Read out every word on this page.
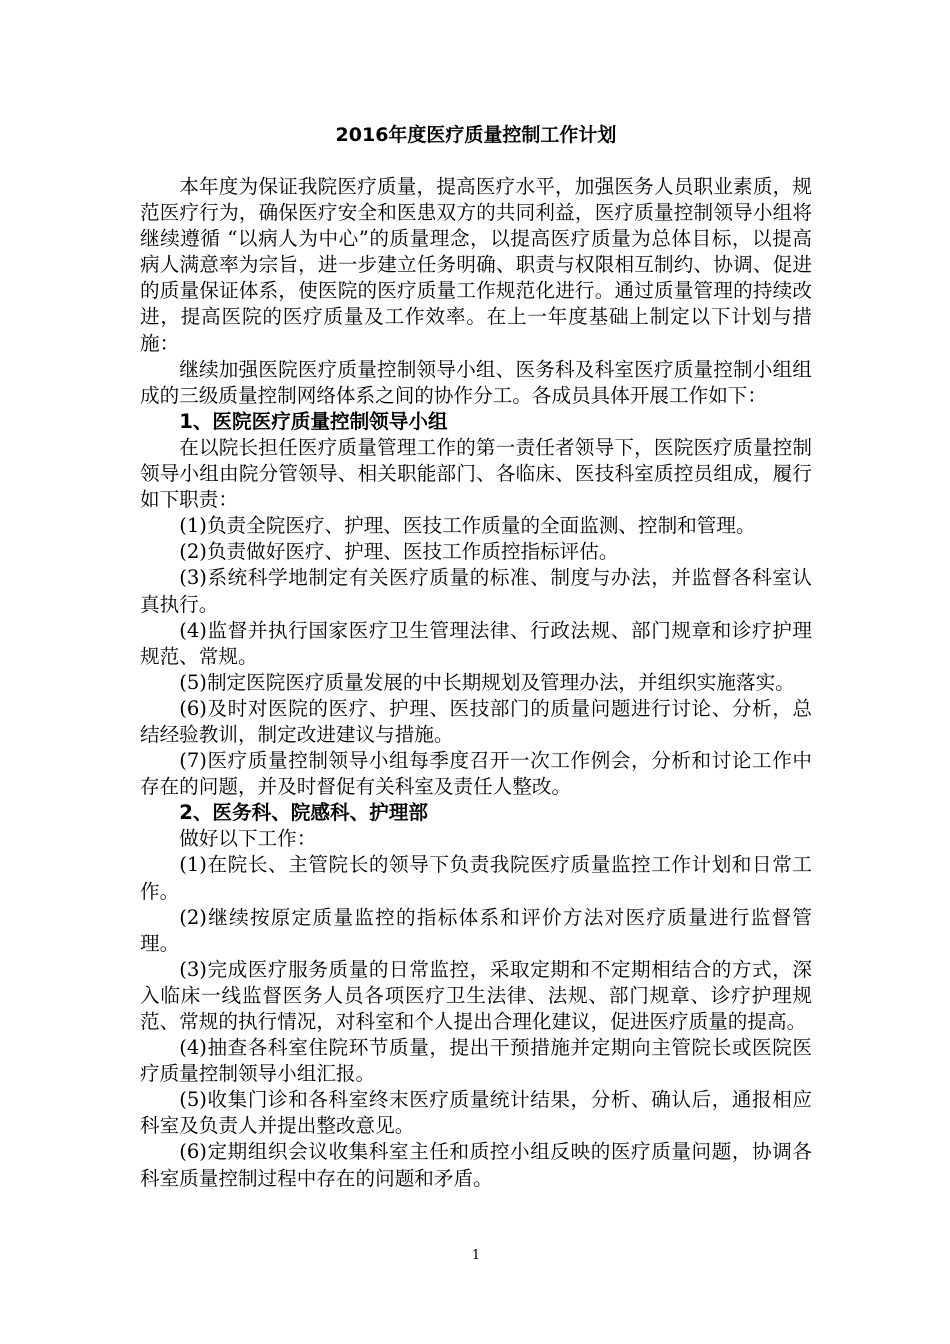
2016年度医疗质量控制工作计划

本年度为保证我院医疗质量，提高医疗水平，加强医务人员职业素质，规范医疗行为，确保医疗安全和医患双方的共同利益，医疗质量控制领导小组将继续遵循 “以病人为中心”的质量理念，以提高医疗质量为总体目标，以提高病人满意率为宗旨，进一步建立任务明确、职责与权限相互制约、协调、促进的质量保证体系，使医院的医疗质量工作规范化进行。通过质量管理的持续改进，提高医院的医疗质量及工作效率。在上一年度基础上制定以下计划与措施：

继续加强医院医疗质量控制领导小组、医务科及科室医疗质量控制小组组成的三级质量控制网络体系之间的协作分工。各成员具体开展工作如下：

1、医院医疗质量控制领导小组

在以院长担任医疗质量管理工作的第一责任者领导下，医院医疗质量控制领导小组由院分管领导、相关职能部门、各临床、医技科室质控员组成，履行如下职责：

(1)负责全院医疗、护理、医技工作质量的全面监测、控制和管理。

(2)负责做好医疗、护理、医技工作质控指标评估。

(3)系统科学地制定有关医疗质量的标准、制度与办法，并监督各科室认真执行。

(4)监督并执行国家医疗卫生管理法律、行政法规、部门规章和诊疗护理规范、常规。

(5)制定医院医疗质量发展的中长期规划及管理办法，并组织实施落实。

(6)及时对医院的医疗、护理、医技部门的质量问题进行讨论、分析，总结经验教训，制定改进建议与措施。

(7)医疗质量控制领导小组每季度召开一次工作例会，分析和讨论工作中存在的问题，并及时督促有关科室及责任人整改。

2、医务科、院感科、护理部

做好以下工作：

(1)在院长、主管院长的领导下负责我院医疗质量监控工作计划和日常工作。

(2)继续按原定质量监控的指标体系和评价方法对医疗质量进行监督管理。

(3)完成医疗服务质量的日常监控，采取定期和不定期相结合的方式，深入临床一线监督医务人员各项医疗卫生法律、法规、部门规章、诊疗护理规范、常规的执行情况，对科室和个人提出合理化建议，促进医疗质量的提高。

(4)抽查各科室住院环节质量，提出干预措施并定期向主管院长或医院医疗质量控制领导小组汇报。

(5)收集门诊和各科室终末医疗质量统计结果，分析、确认后，通报相应科室及负责人并提出整改意见。

(6)定期组织会议收集科室主任和质控小组反映的医疗质量问题，协调各科室质量控制过程中存在的问题和矛盾。

1
